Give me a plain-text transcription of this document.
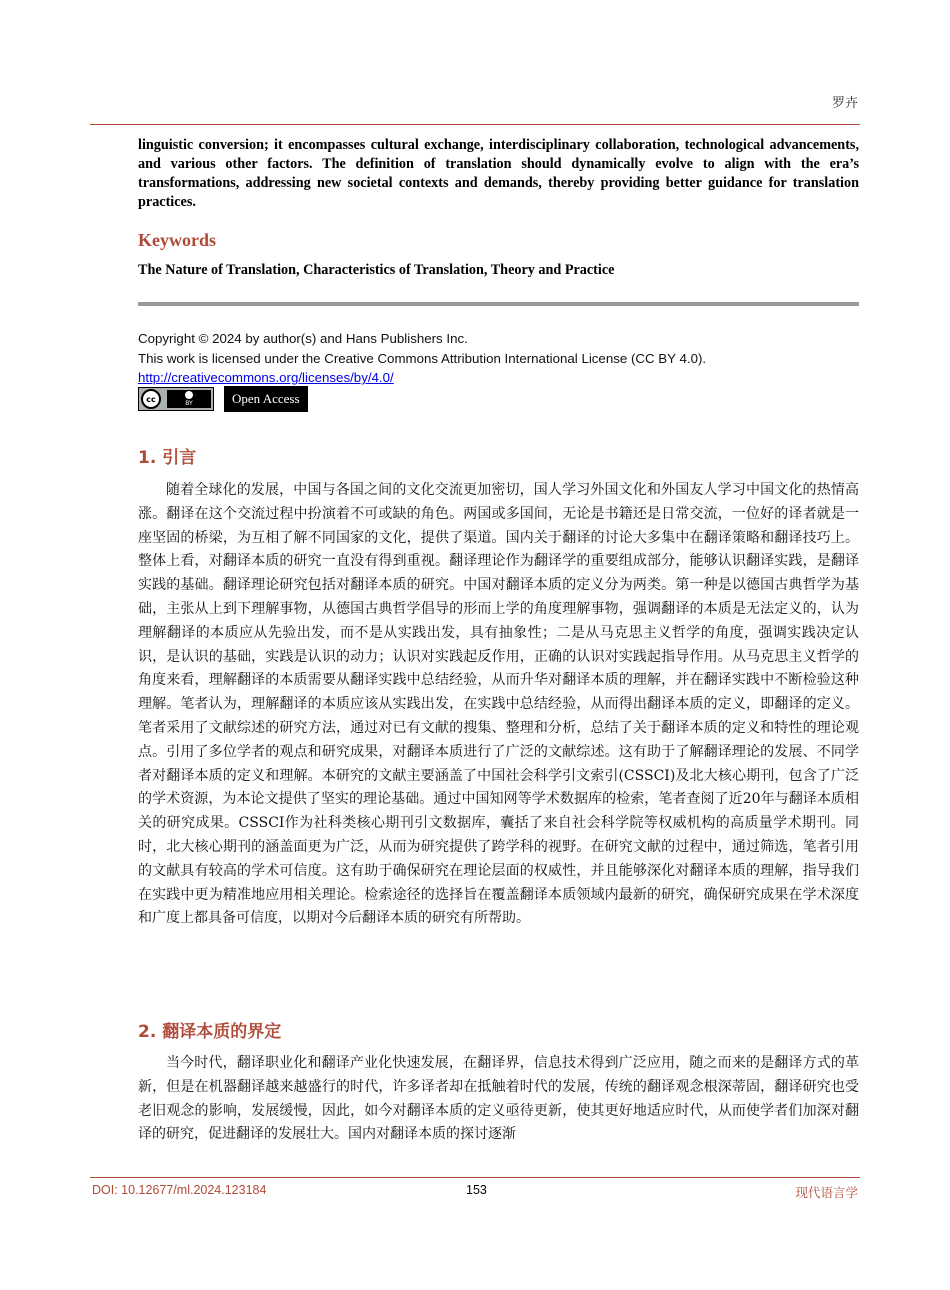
罗卉
linguistic conversion; it encompasses cultural exchange, interdisciplinary collaboration, technological advancements, and various other factors. The definition of translation should dynamically evolve to align with the era’s transformations, addressing new societal contexts and demands, thereby providing better guidance for translation practices.
Keywords
The Nature of Translation, Characteristics of Translation, Theory and Practice
Copyright © 2024 by author(s) and Hans Publishers Inc.
This work is licensed under the Creative Commons Attribution International License (CC BY 4.0).
http://creativecommons.org/licenses/by/4.0/
cc	BY	Open Access
1. 引言
随着全球化的发展，中国与各国之间的文化交流更加密切，国人学习外国文化和外国友人学习中国文化的热情高涨。翻译在这个交流过程中扮演着不可或缺的角色。两国或多国间，无论是书籍还是日常交流，一位好的译者就是一座坚固的桥梁，为互相了解不同国家的文化，提供了渠道。国内关于翻译的讨论大多集中在翻译策略和翻译技巧上。整体上看，对翻译本质的研究一直没有得到重视。翻译理论作为翻译学的重要组成部分，能够认识翻译实践，是翻译实践的基础。翻译理论研究包括对翻译本质的研究。中国对翻译本质的定义分为两类。第一种是以德国古典哲学为基础，主张从上到下理解事物，从德国古典哲学倡导的形而上学的角度理解事物，强调翻译的本质是无法定义的，认为理解翻译的本质应从先验出发，而不是从实践出发，具有抽象性；二是从马克思主义哲学的角度，强调实践决定认识，是认识的基础，实践是认识的动力；认识对实践起反作用，正确的认识对实践起指导作用。从马克思主义哲学的角度来看，理解翻译的本质需要从翻译实践中总结经验，从而升华对翻译本质的理解，并在翻译实践中不断检验这种理解。笔者认为，理解翻译的本质应该从实践出发，在实践中总结经验，从而得出翻译本质的定义，即翻译的定义。笔者采用了文献综述的研究方法，通过对已有文献的搜集、整理和分析，总结了关于翻译本质的定义和特性的理论观点。引用了多位学者的观点和研究成果，对翻译本质进行了广泛的文献综述。这有助于了解翻译理论的发展、不同学者对翻译本质的定义和理解。本研究的文献主要涵盖了中国社会科学引文索引(CSSCI)及北大核心期刊，包含了广泛的学术资源，为本论文提供了坚实的理论基础。通过中国知网等学术数据库的检索，笔者查阅了近20年与翻译本质相关的研究成果。CSSCI作为社科类核心期刊引文数据库，囊括了来自社会科学院等权威机构的高质量学术期刊。同时，北大核心期刊的涵盖面更为广泛，从而为研究提供了跨学科的视野。在研究文献的过程中，通过筛选，笔者引用的文献具有较高的学术可信度。这有助于确保研究在理论层面的权威性，并且能够深化对翻译本质的理解，指导我们在实践中更为精准地应用相关理论。检索途径的选择旨在覆盖翻译本质领域内最新的研究，确保研究成果在学术深度和广度上都具备可信度，以期对今后翻译本质的研究有所帮助。
2. 翻译本质的界定
当今时代，翻译职业化和翻译产业化快速发展，在翻译界，信息技术得到广泛应用，随之而来的是翻译方式的革新，但是在机器翻译越来越盛行的时代，许多译者却在抵触着时代的发展，传统的翻译观念根深蒂固，翻译研究也受老旧观念的影响，发展缓慢，因此，如今对翻译本质的定义亟待更新，使其更好地适应时代，从而使学者们加深对翻译的研究，促进翻译的发展壮大。国内对翻译本质的探讨逐渐
DOI: 10.12677/ml.2024.123184	153	现代语言学
